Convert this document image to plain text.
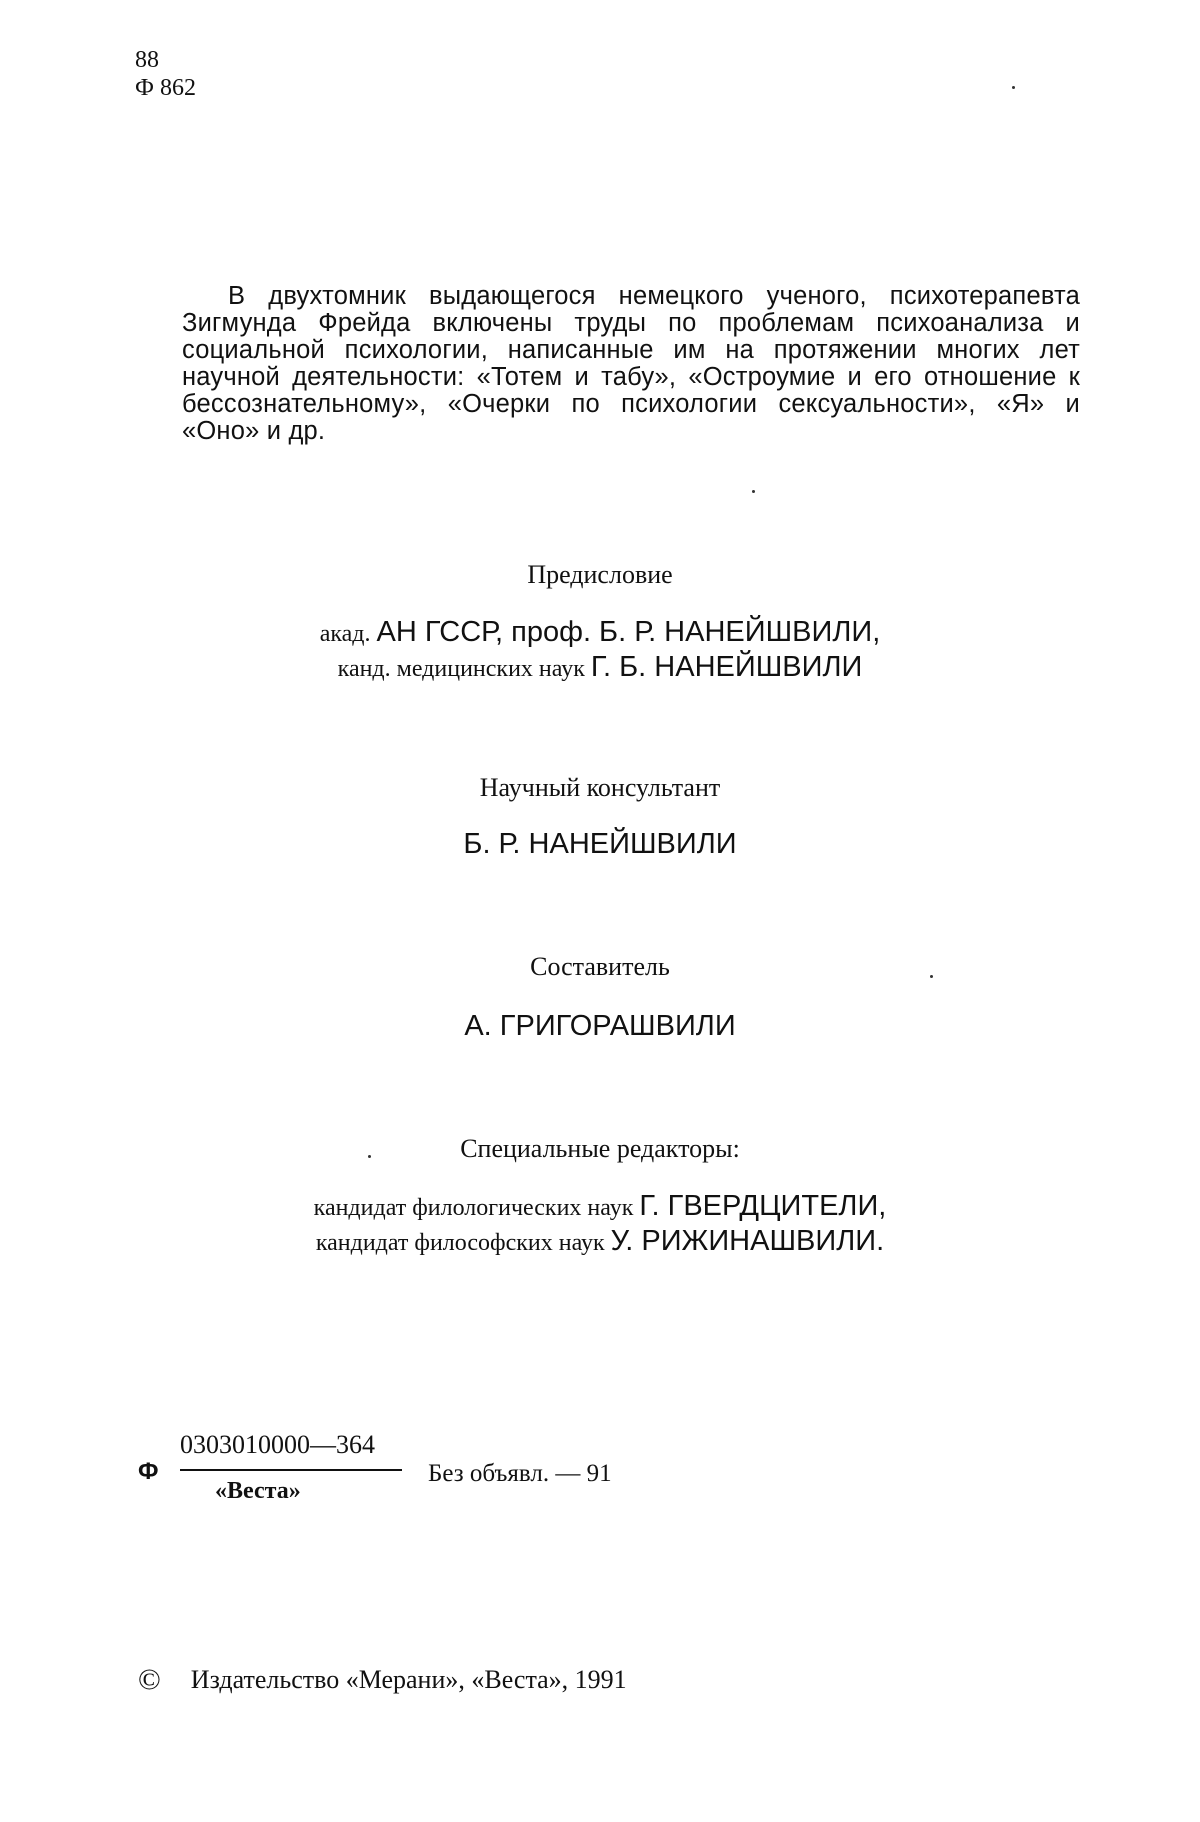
88
Ф 862
В двухтомник выдающегося немецкого ученого, психотерапевта Зигмунда Фрейда включены труды по проблемам психоанализа и социальной психологии, написанные им на протяжении многих лет научной деятельности: «Тотем и табу», «Остроумие и его отношение к бессознательному», «Очерки по психологии сексуальности», «Я» и «Оно» и др.
Предисловие
акад. АН ГССР, проф. Б. Р. НАНЕЙШВИЛИ,
канд. медицинских наук Г. Б. НАНЕЙШВИЛИ
Научный консультант
Б. Р. НАНЕЙШВИЛИ
Составитель
А. ГРИГОРАШВИЛИ
Специальные редакторы:
кандидат филологических наук Г. ГВЕРДЦИТЕЛИ,
кандидат философских наук У. РИЖИНАШВИЛИ.
Ф
0303010000—364
«Веста»
Без объявл. — 91
© Издательство «Мерани», «Веста», 1991
